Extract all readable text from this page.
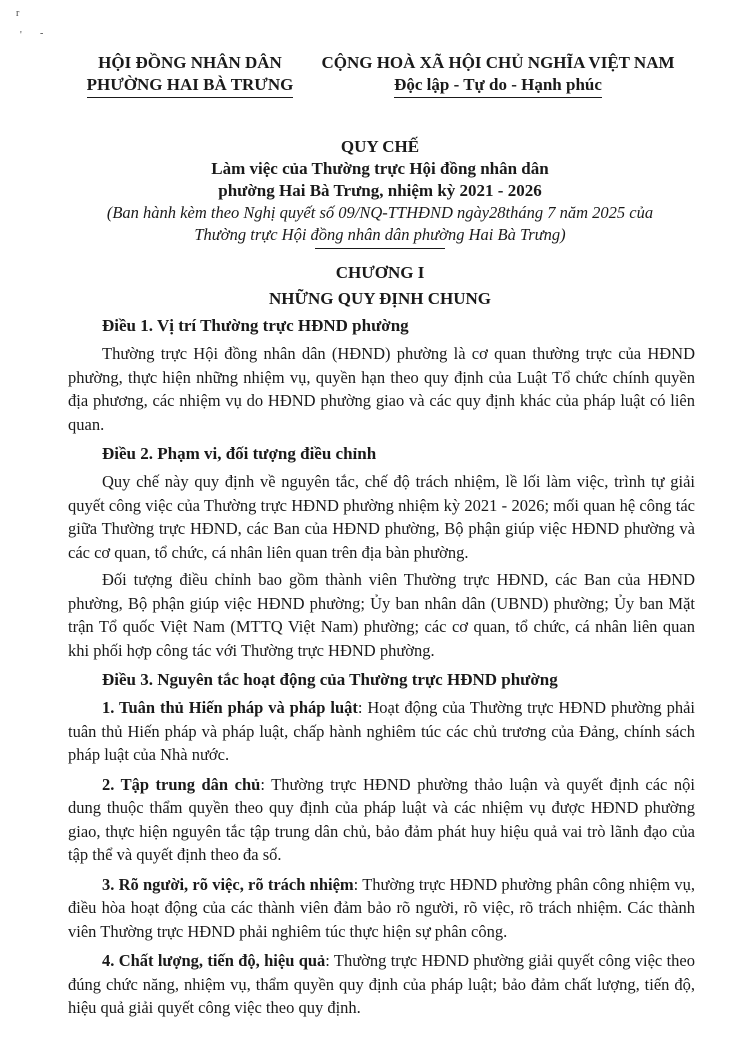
r
' -
HỘI ĐỒNG NHÂN DÂN
PHƯỜNG HAI BÀ TRƯNG
CỘNG HOÀ XÃ HỘI CHỦ NGHĨA VIỆT NAM
Độc lập - Tự do - Hạnh phúc
QUY CHẾ
Làm việc của Thường trực Hội đồng nhân dân
phường Hai Bà Trưng, nhiệm kỳ 2021 - 2026
(Ban hành kèm theo Nghị quyết số 09/NQ-TTHĐND ngày28tháng 7 năm 2025 của
Thường trực Hội đồng nhân dân phường Hai Bà Trưng)
CHƯƠNG I
NHỮNG QUY ĐỊNH CHUNG

Điều 1. Vị trí Thường trực HĐND phường

Thường trực Hội đồng nhân dân (HĐND) phường là cơ quan thường trực của HĐND phường, thực hiện những nhiệm vụ, quyền hạn theo quy định của Luật Tổ chức chính quyền địa phương, các nhiệm vụ do HĐND phường giao và các quy định khác của pháp luật có liên quan.

Điều 2. Phạm vi, đối tượng điều chỉnh

Quy chế này quy định về nguyên tắc, chế độ trách nhiệm, lề lối làm việc, trình tự giải quyết công việc của Thường trực HĐND phường nhiệm kỳ 2021 - 2026; mối quan hệ công tác giữa Thường trực HĐND, các Ban của HĐND phường, Bộ phận giúp việc HĐND phường và các cơ quan, tổ chức, cá nhân liên quan trên địa bàn phường.

Đối tượng điều chỉnh bao gồm thành viên Thường trực HĐND, các Ban của HĐND phường, Bộ phận giúp việc HĐND phường; Ủy ban nhân dân (UBND) phường; Ủy ban Mặt trận Tổ quốc Việt Nam (MTTQ Việt Nam) phường; các cơ quan, tổ chức, cá nhân liên quan khi phối hợp công tác với Thường trực HĐND phường.

Điều 3. Nguyên tắc hoạt động của Thường trực HĐND phường

1. Tuân thủ Hiến pháp và pháp luật: Hoạt động của Thường trực HĐND phường phải tuân thủ Hiến pháp và pháp luật, chấp hành nghiêm túc các chủ trương của Đảng, chính sách pháp luật của Nhà nước.

2. Tập trung dân chủ: Thường trực HĐND phường thảo luận và quyết định các nội dung thuộc thẩm quyền theo quy định của pháp luật và các nhiệm vụ được HĐND phường giao, thực hiện nguyên tắc tập trung dân chủ, bảo đảm phát huy hiệu quả vai trò lãnh đạo của tập thể và quyết định theo đa số.

3. Rõ người, rõ việc, rõ trách nhiệm: Thường trực HĐND phường phân công nhiệm vụ, điều hòa hoạt động của các thành viên đảm bảo rõ người, rõ việc, rõ trách nhiệm. Các thành viên Thường trực HĐND phải nghiêm túc thực hiện sự phân công.

4. Chất lượng, tiến độ, hiệu quả: Thường trực HĐND phường giải quyết công việc theo đúng chức năng, nhiệm vụ, thẩm quyền quy định của pháp luật; bảo đảm chất lượng, tiến độ, hiệu quả giải quyết công việc theo quy định.
